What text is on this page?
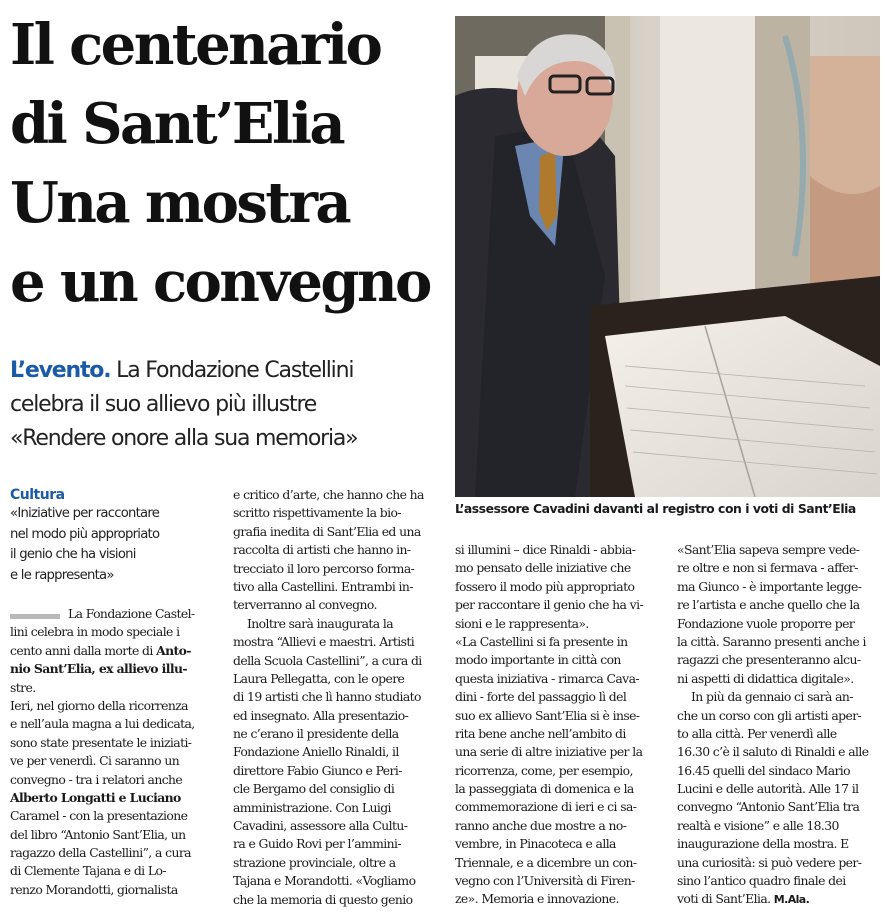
Il centenario
di Sant’Elia
Una mostra
e un convegno
L’evento. La Fondazione Castellini
celebra il suo allievo più illustre
«Rendere onore alla sua memoria»
L’assessore Cavadini davanti al registro con i voti di Sant’Elia
Cultura
«Iniziative per raccontare
nel modo più appropriato
il genio che ha visioni
e le rappresenta»
La Fondazione Castel-
lini celebra in modo speciale i
cento anni dalla morte di Anto-
nio Sant’Elia, ex allievo illu-
stre.
Ieri, nel giorno della ricorrenza
e nell’aula magna a lui dedicata,
sono state presentate le iniziati-
ve per venerdì. Ci saranno un
convegno - tra i relatori anche
Alberto Longatti e Luciano
Caramel - con la presentazione
del libro “Antonio Sant’Elia, un
ragazzo della Castellini”, a cura
di Clemente Tajana e di Lo-
renzo Morandotti, giornalista
e critico d’arte, che hanno che ha
scritto rispettivamente la bio-
grafia inedita di Sant’Elia ed una
raccolta di artisti che hanno in-
trecciato il loro percorso forma-
tivo alla Castellini. Entrambi in-
terverranno al convegno.
Inoltre sarà inaugurata la
mostra “Allievi e maestri. Artisti
della Scuola Castellini”, a cura di
Laura Pellegatta, con le opere
di 19 artisti che lì hanno studiato
ed insegnato. Alla presentazio-
ne c’erano il presidente della
Fondazione Aniello Rinaldi, il
direttore Fabio Giunco e Peri-
cle Bergamo del consiglio di
amministrazione. Con Luigi
Cavadini, assessore alla Cultu-
ra e Guido Rovi per l’ammini-
strazione provinciale, oltre a
Tajana e Morandotti. «Vogliamo
che la memoria di questo genio
si illumini – dice Rinaldi - abbia-
mo pensato delle iniziative che
fossero il modo più appropriato
per raccontare il genio che ha vi-
sioni e le rappresenta».
«La Castellini si fa presente in
modo importante in città con
questa iniziativa - rimarca Cava-
dini - forte del passaggio lì del
suo ex allievo Sant’Elia si è inse-
rita bene anche nell’ambito di
una serie di altre iniziative per la
ricorrenza, come, per esempio,
la passeggiata di domenica e la
commemorazione di ieri e ci sa-
ranno anche due mostre a no-
vembre, in Pinacoteca e alla
Triennale, e a dicembre un con-
vegno con l’Università di Firen-
ze». Memoria e innovazione.
«Sant’Elia sapeva sempre vede-
re oltre e non si fermava - affer-
ma Giunco - è importante legge-
re l’artista e anche quello che la
Fondazione vuole proporre per
la città. Saranno presenti anche i
ragazzi che presenteranno alcu-
ni aspetti di didattica digitale».
In più da gennaio ci sarà an-
che un corso con gli artisti aper-
to alla città. Per venerdì alle
16.30 c’è il saluto di Rinaldi e alle
16.45 quelli del sindaco Mario
Lucini e delle autorità. Alle 17 il
convegno “Antonio Sant’Elia tra
realtà e visione” e alle 18.30
inaugurazione della mostra. E
una curiosità: si può vedere per-
sino l’antico quadro finale dei
voti di Sant’Elia. M.Ala.
